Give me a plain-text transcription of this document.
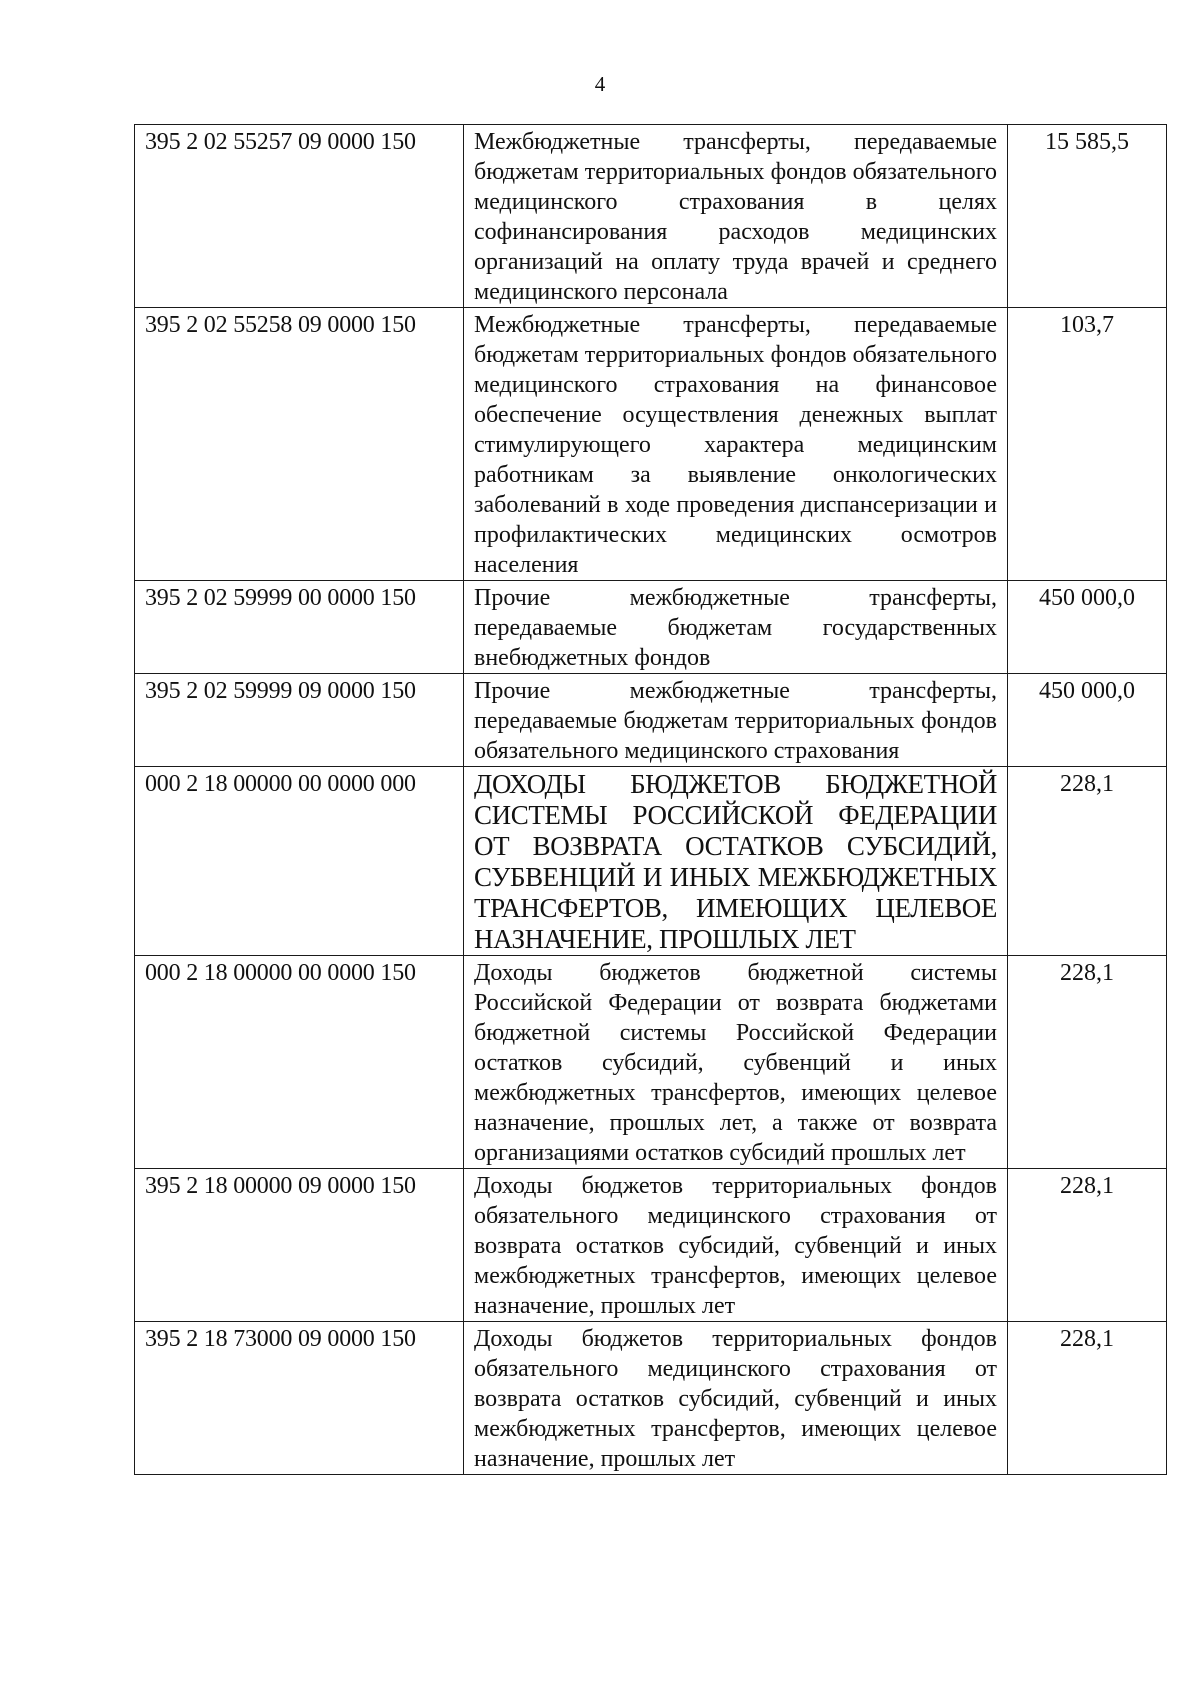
4
395 2 02 55257 09 0000 150	Межбюджетные трансферты, передаваемые бюджетам территориальных фондов обязательного медицинского страхования в целях софинансирования расходов медицинских организаций на оплату труда врачей и среднего медицинского персонала	15 585,5
395 2 02 55258 09 0000 150	Межбюджетные трансферты, передаваемые бюджетам территориальных фондов обязательного медицинского страхования на финансовое обеспечение осуществления денежных выплат стимулирующего характера медицинским работникам за выявление онкологических заболеваний в ходе проведения диспансеризации и профилактических медицинских осмотров населения	103,7
395 2 02 59999 00 0000 150	Прочие межбюджетные трансферты, передаваемые бюджетам государственных внебюджетных фондов	450 000,0
395 2 02 59999 09 0000 150	Прочие межбюджетные трансферты, передаваемые бюджетам территориальных фондов обязательного медицинского страхования	450 000,0
000 2 18 00000 00 0000 000	ДОХОДЫ БЮДЖЕТОВ БЮДЖЕТНОЙ СИСТЕМЫ РОССИЙСКОЙ ФЕДЕРАЦИИ ОТ ВОЗВРАТА ОСТАТКОВ СУБСИДИЙ, СУБВЕНЦИЙ И ИНЫХ МЕЖБЮДЖЕТНЫХ ТРАНСФЕРТОВ, ИМЕЮЩИХ ЦЕЛЕВОЕ НАЗНАЧЕНИЕ, ПРОШЛЫХ ЛЕТ	228,1
000 2 18 00000 00 0000 150	Доходы бюджетов бюджетной системы Российской Федерации от возврата бюджетами бюджетной системы Российской Федерации остатков субсидий, субвенций и иных межбюджетных трансфертов, имеющих целевое назначение, прошлых лет, а также от возврата организациями остатков субсидий прошлых лет	228,1
395 2 18 00000 09 0000 150	Доходы бюджетов территориальных фондов обязательного медицинского страхования от возврата остатков субсидий, субвенций и иных межбюджетных трансфертов, имеющих целевое назначение, прошлых лет	228,1
395 2 18 73000 09 0000 150	Доходы бюджетов территориальных фондов обязательного медицинского страхования от возврата остатков субсидий, субвенций и иных межбюджетных трансфертов, имеющих целевое назначение, прошлых лет	228,1
